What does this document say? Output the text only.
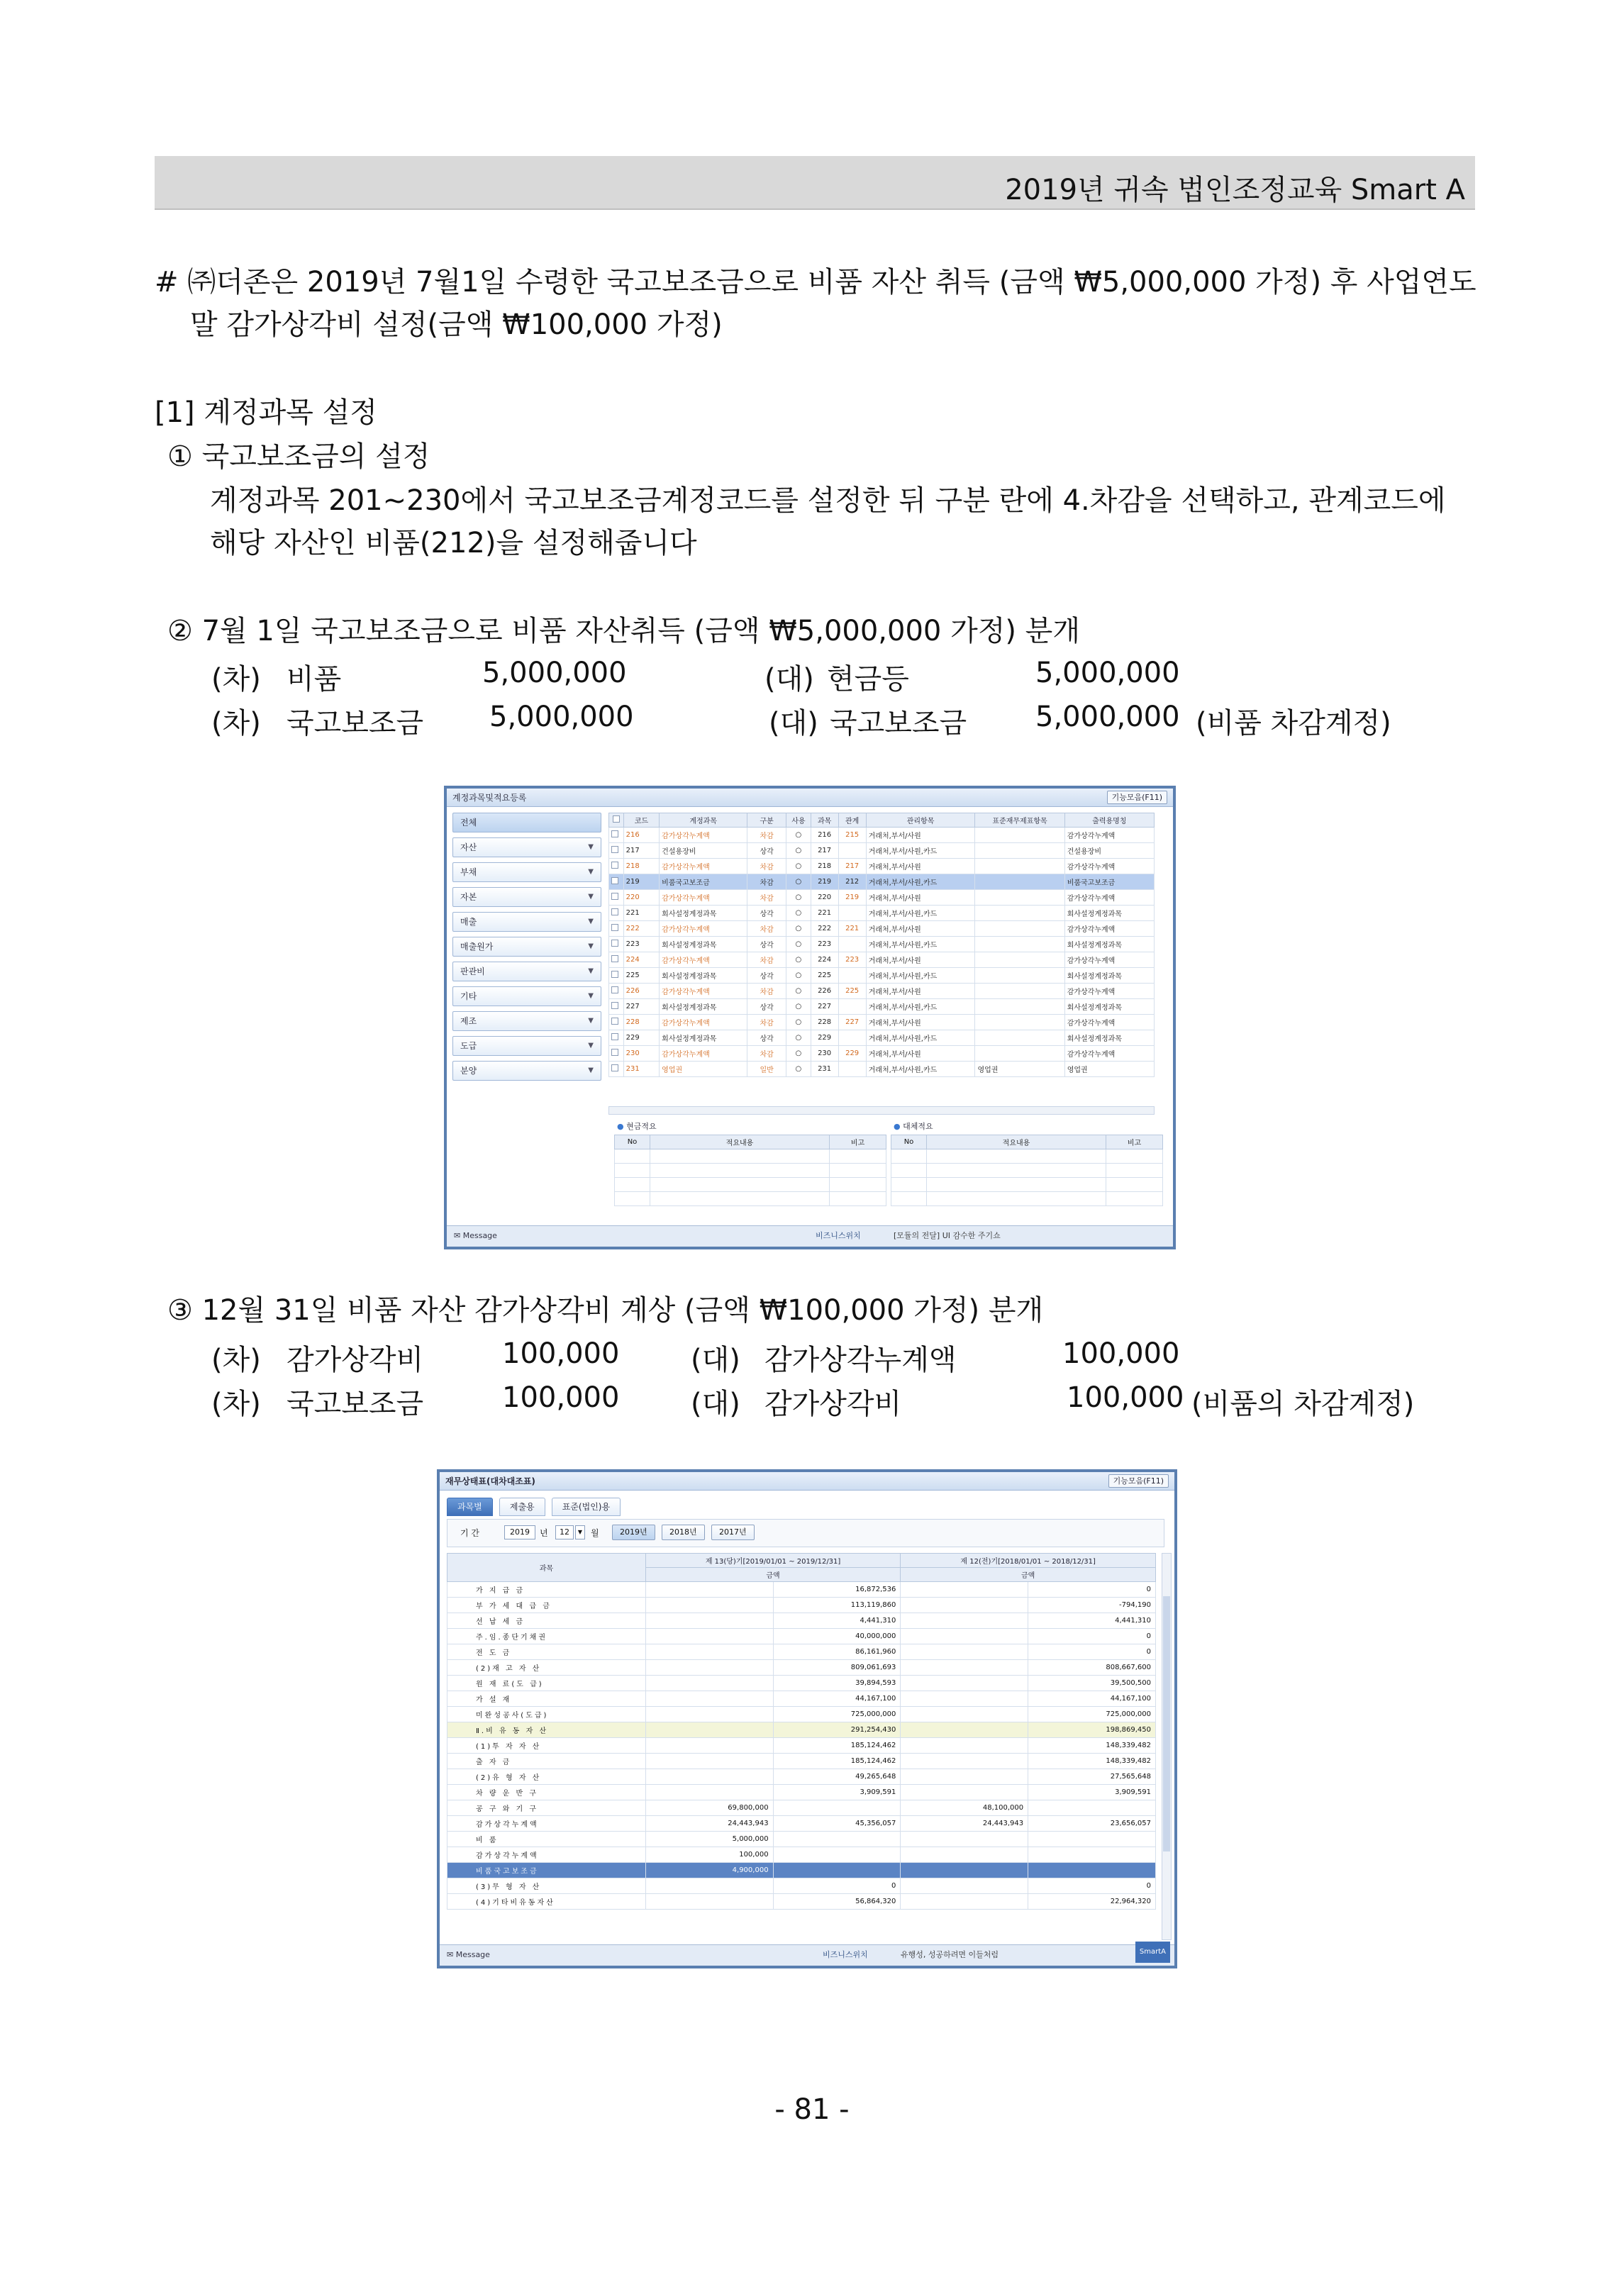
2019년 귀속 법인조정교육 Smart A
# ㈜더존은 2019년 7월1일 수령한 국고보조금으로 비품 자산 취득 (금액 ₩5,000,000 가정) 후 사업연도
말 감가상각비 설정(금액 ₩100,000 가정)
[1] 계정과목 설정
① 국고보조금의 설정
계정과목 201~230에서 국고보조금계정코드를 설정한 뒤 구분 란에 4.차감을 선택하고, 관계코드에
해당 자산인 비품(212)을 설정해줍니다
② 7월 1일 국고보조금으로 비품 자산취득 (금액 ₩5,000,000 가정) 분개
(차) 비품	5,000,000	(대) 현금등	5,000,000
(차) 국고보조금 5,000,000	(대) 국고보조금 5,000,000 (비품 차감계정)
계정과목및적요등록	기능모음(F11)
전체
자산	▼
부채	▼
자본	▼
매출	▼
매출원가	▼
판관비	▼
기타	▼
제조	▼
도급	▼
분양	▼
	코드	계정과목	구분	사용	과목	관계	관리항목	표준재무제표항목	출력용명칭
	216	감가상각누계액	차감	○	216	215	거래처,부서/사원		감가상각누계액
	217	건설용장비	상각	○	217		거래처,부서/사원,카드		건설용장비
	218	감가상각누계액	차감	○	218	217	거래처,부서/사원		감가상각누계액
	219	비품국고보조금	차감	○	219	212	거래처,부서/사원,카드		비품국고보조금
	220	감가상각누계액	차감	○	220	219	거래처,부서/사원		감가상각누계액
	221	회사설정계정과목	상각	○	221		거래처,부서/사원,카드		회사설정계정과목
	222	감가상각누계액	차감	○	222	221	거래처,부서/사원		감가상각누계액
	223	회사설정계정과목	상각	○	223		거래처,부서/사원,카드		회사설정계정과목
	224	감가상각누계액	차감	○	224	223	거래처,부서/사원		감가상각누계액
	225	회사설정계정과목	상각	○	225		거래처,부서/사원,카드		회사설정계정과목
	226	감가상각누계액	차감	○	226	225	거래처,부서/사원		감가상각누계액
	227	회사설정계정과목	상각	○	227		거래처,부서/사원,카드		회사설정계정과목
	228	감가상각누계액	차감	○	228	227	거래처,부서/사원		감가상각누계액
	229	회사설정계정과목	상각	○	229		거래처,부서/사원,카드		회사설정계정과목
	230	감가상각누계액	차감	○	230	229	거래처,부서/사원		감가상각누계액
	231	영업권	일반	○	231		거래처,부서/사원,카드	영업권	영업권
● 현금적요	● 대체적요
No	적요내용	비고

			No	적요내용	비고

✉ Message	비즈니스위치	[모듈의 전달] UI 감수한 주기쇼
③ 12월 31일 비품 자산 감가상각비 계상 (금액 ₩100,000 가정) 분개
(차) 감가상각비	100,000	(대) 감가상각누계액	100,000
(차) 국고보조금	100,000	(대) 감가상각비	100,000 (비품의 차감계정)
재무상태표(대차대조표)	기능모음(F11)
과목별	제출용	표준(법인)용
기 간	2019	년	12	▼ 월	2019년	2018년	2017년
과목	제 13(당)기[2019/01/01 ~ 2019/12/31]		제 12(전)기[2018/01/01 ~ 2018/12/31]	
	금액		금액	
가 지 급 금		16,872,536		0
부 가 세 대 급 금		113,119,860		-794,190
선 납 세 금		4,441,310		4,441,310
주.임.종단기채권		40,000,000		0
전 도 금		86,161,960		0
(2)재 고 자 산		809,061,693		808,667,600
원 재 료(도 급)		39,894,593		39,500,500
가 설 재		44,167,100		44,167,100
미완성공사(도급)		725,000,000		725,000,000
Ⅱ.비 유 동 자 산		291,254,430		198,869,450
(1)투 자 자 산		185,124,462		148,339,482
출 자 금		185,124,462		148,339,482
(2)유 형 자 산		49,265,648		27,565,648
차 량 운 반 구		3,909,591		3,909,591
공 구 와 기 구	69,800,000		48,100,000	
감가상각누계액	24,443,943	45,356,057	24,443,943	23,656,057
비 품	5,000,000			
감가상각누계액	100,000			
비품국고보조금	4,900,000			
(3)무 형 자 산		0		0
(4)기타비유동자산		56,864,320		22,964,320
✉ Message	비즈니스위치	유행성, 성공하려면 이들처럼	SmartA
- 81 -
